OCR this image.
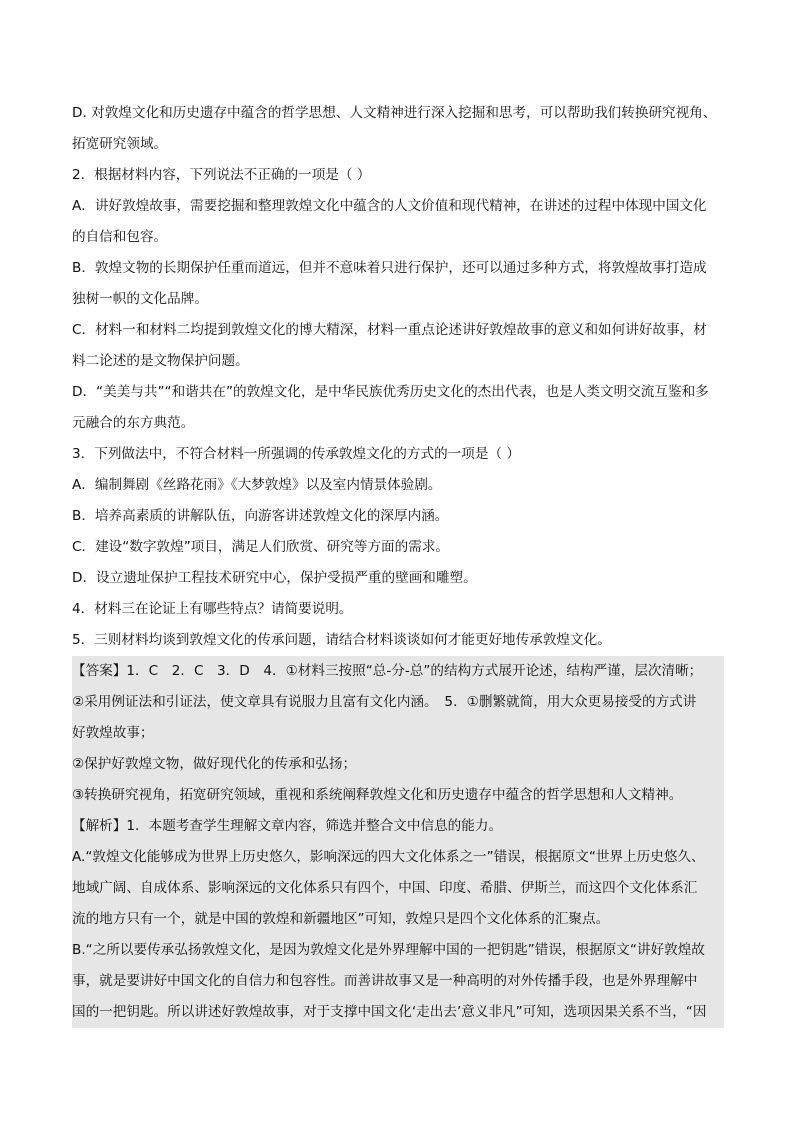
D. 对敦煌文化和历史遗存中蕴含的哲学思想、人文精神进行深入挖掘和思考，可以帮助我们转换研究视角、
拓宽研究领域。
2．根据材料内容，下列说法不正确的一项是（ ）
A．讲好敦煌故事，需要挖掘和整理敦煌文化中蕴含的人文价值和现代精神，在讲述的过程中体现中国文化
的自信和包容。
B．敦煌文物的长期保护任重而道远，但并不意味着只进行保护，还可以通过多种方式，将敦煌故事打造成
独树一帜的文化品牌。
C．材料一和材料二均提到敦煌文化的博大精深，材料一重点论述讲好敦煌故事的意义和如何讲好故事，材
料二论述的是文物保护问题。
D．“美美与共”“和谐共在”的敦煌文化，是中华民族优秀历史文化的杰出代表，也是人类文明交流互鉴和多
元融合的东方典范。
3．下列做法中，不符合材料一所强调的传承敦煌文化的方式的一项是（ ）
A．编制舞剧《丝路花雨》《大梦敦煌》以及室内情景体验剧。
B．培养高素质的讲解队伍，向游客讲述敦煌文化的深厚内涵。
C．建设“数字敦煌”项目，满足人们欣赏、研究等方面的需求。
D．设立遗址保护工程技术研究中心，保护受损严重的壁画和雕塑。
4．材料三在论证上有哪些特点？请简要说明。
5．三则材料均谈到敦煌文化的传承问题，请结合材料谈谈如何才能更好地传承敦煌文化。
【答案】1．C　2．C　3．D　4．①材料三按照“总-分-总”的结构方式展开论述，结构严谨，层次清晰；
②采用例证法和引证法，使文章具有说服力且富有文化内涵。　5．①删繁就简，用大众更易接受的方式讲
好敦煌故事；
②保护好敦煌文物，做好现代化的传承和弘扬；
③转换研究视角，拓宽研究领域，重视和系统阐释敦煌文化和历史遗存中蕴含的哲学思想和人文精神。
【解析】1．本题考查学生理解文章内容，筛选并整合文中信息的能力。
A.“敦煌文化能够成为世界上历史悠久，影响深远的四大文化体系之一”错误，根据原文“世界上历史悠久、
地域广阔、自成体系、影响深远的文化体系只有四个，中国、印度、希腊、伊斯兰，而这四个文化体系汇
流的地方只有一个，就是中国的敦煌和新疆地区”可知，敦煌只是四个文化体系的汇聚点。
B.“之所以要传承弘扬敦煌文化，是因为敦煌文化是外界理解中国的一把钥匙”错误，根据原文“讲好敦煌故
事，就是要讲好中国文化的自信力和包容性。而善讲故事又是一种高明的对外传播手段，也是外界理解中
国的一把钥匙。所以讲述好敦煌故事，对于支撑中国文化‘走出去’意义非凡”可知，选项因果关系不当，“因
